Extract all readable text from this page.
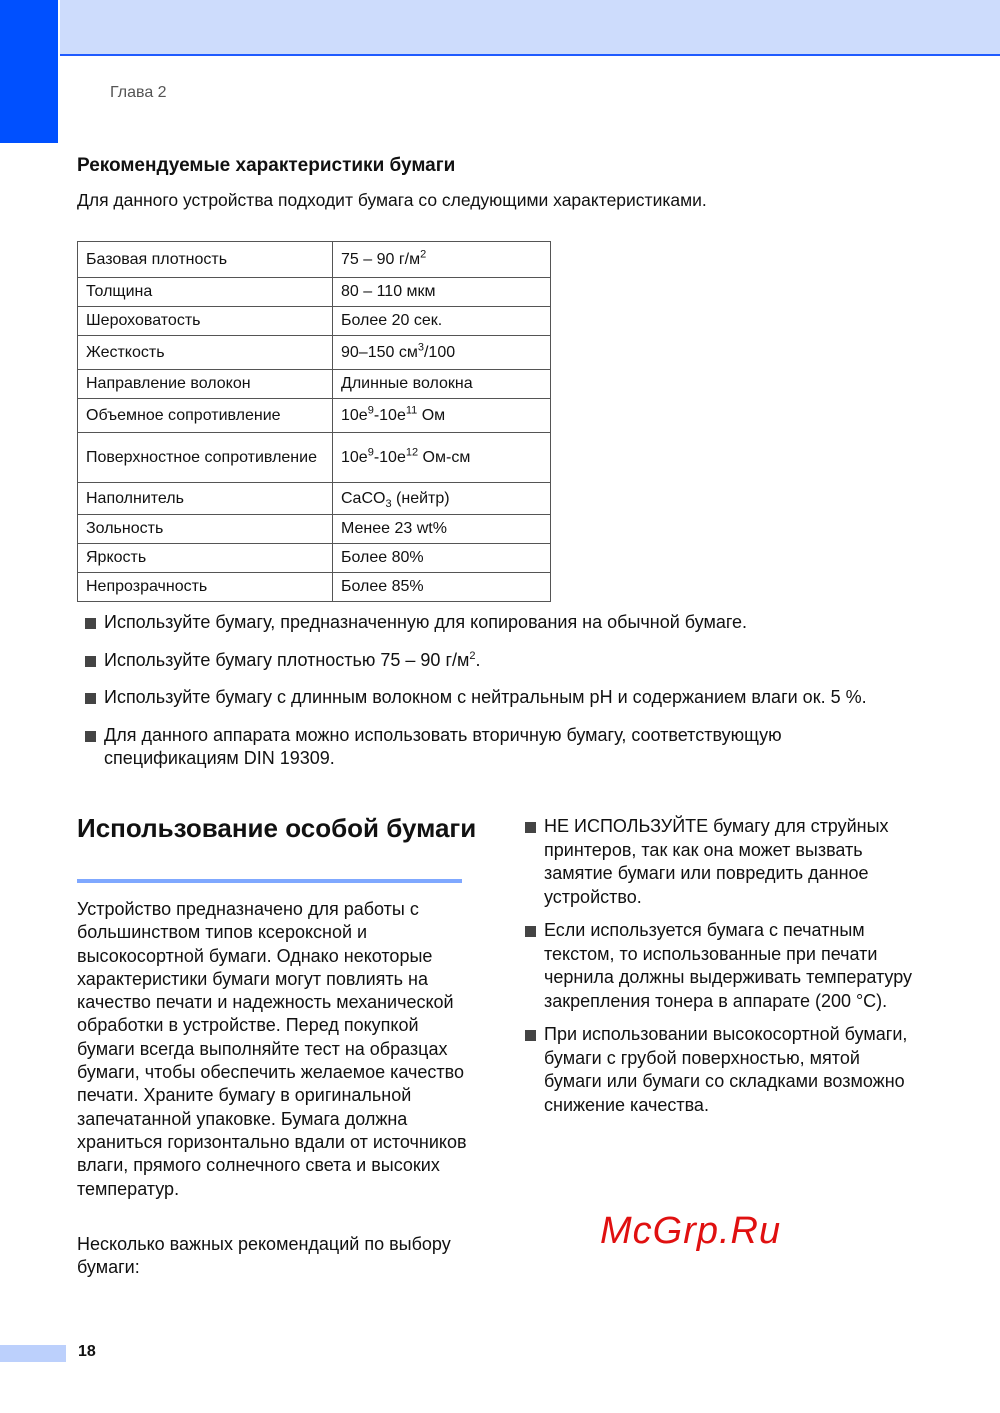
Глава 2
Рекомендуемые характеристики бумаги
Для данного устройства подходит бумага со следующими характеристиками.
Базовая плотность	75 – 90 $г/м^2$
Толщина	80 – 110 мкм
Шероховатость	Более 20 сек.
Жесткость	90–150 $см^3/100$
Направление волокон	Длинные волокна
Объемное сопротивление	$10e^9-10e^{11}$ Ом
Поверхностное сопротивление	$10e^9-10e^{12}$ Ом-см
Наполнитель	CaCO$_3$ (нейтр)
Зольность	Менее 23 wt%
Яркость	Более 80%
Непрозрачность	Более 85%
Используйте бумагу, предназначенную для копирования на обычной бумаге.
Используйте бумагу плотностью 75 – 90 $г/м^2$.
Используйте бумагу с длинным волокном с нейтральным pH и содержанием влаги ок. 5 %.
Для данного аппарата можно использовать вторичную бумагу, соответствующую спецификациям DIN 19309.
McGrp.Ru
Использование особой бумаги
Устройство предназначено для работы с большинством типов ксероксной и высокосортной бумаги. Однако некоторые характеристики бумаги могут повлиять на качество печати и надежность механической обработки в устройстве. Перед покупкой бумаги всегда выполняйте тест на образцах бумаги, чтобы обеспечить желаемое качество печати. Храните бумагу в оригинальной запечатанной упаковке. Бумага должна храниться горизонтально вдали от источников влаги, прямого солнечного света и высоких температур.
Несколько важных рекомендаций по выбору бумаги:
НЕ ИСПОЛЬЗУЙТЕ бумагу для струйных принтеров, так как она может вызвать замятие бумаги или повредить данное устройство.
Если используется бумага с печатным текстом, то использованные при печати чернила должны выдерживать температуру закрепления тонера в аппарате (200 °C).
При использовании высокосортной бумаги, бумаги с грубой поверхностью, мятой бумаги или бумаги со складками возможно снижение качества.
18
